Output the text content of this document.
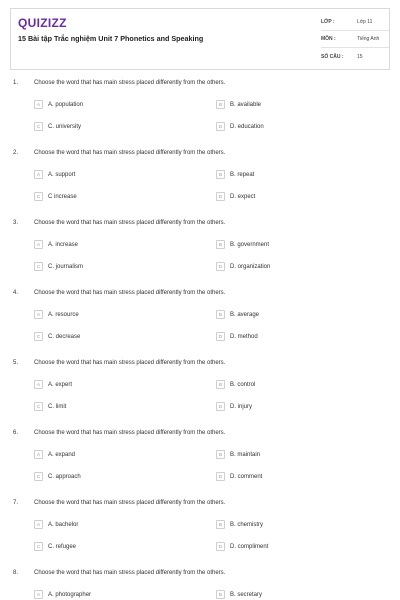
QUIZIZZ
15 Bài tập Trắc nghiệm Unit 7 Phonetics and Speaking
LỚP :	Lớp 11
MÔN :	Tiếng Anh
SỐ CÂU :	15
1.	Choose the word that has main stress placed differently from the others.
A	A. population	B	B. available
C	C. university	D	D. education
2.	Choose the word that has main stress placed differently from the others.
A	A. support	B	B. repeat
C	C increase	D	D. expect
3.	Choose the word that has main stress placed differently from the others.
A	A. increase	B	B. government
C	C. journalism	D	D. organization
4.	Choose the word that has main stress placed differently from the others.
A	A. resource	B	B. average
C	C. decrease	D	D. method
5.	Choose the word that has main stress placed differently from the others.
A	A. expert	B	B. control
C	C. limit	D	D. injury
6.	Choose the word that has main stress placed differently from the others.
A	A. expand	B	B. maintain
C	C. approach	D	D. comment
7.	Choose the word that has main stress placed differently from the others.
A	A. bachelor	B	B. chemistry
C	C. refugee	D	D. compliment
8.	Choose the word that has main stress placed differently from the others.
A	A. photographer	B	B. secretary
